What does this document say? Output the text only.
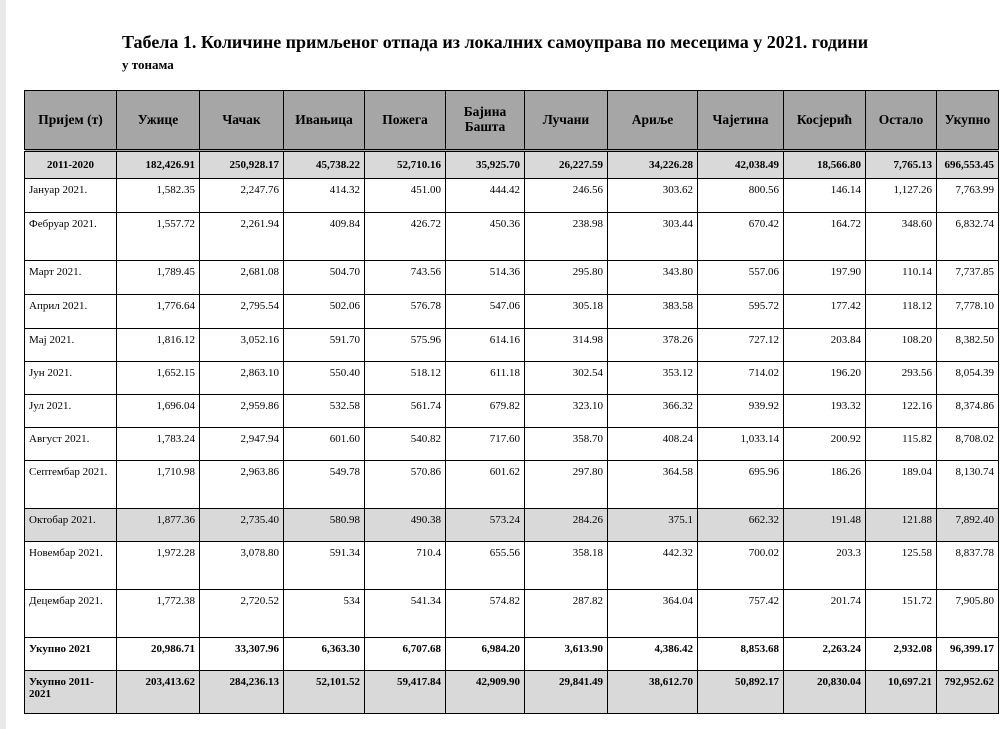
Табела 1. Количине примљеног отпада из локалних самоуправа по месецима у 2021. години
у тонама
Пријем (т)	Ужице	Чачак	Ивањица	Пожега	Бајина Башта	Лучани	Ариље	Чајетина	Косјерић	Остало	Укупно
2011-2020	182,426.91	250,928.17	45,738.22	52,710.16	35,925.70	26,227.59	34,226.28	42,038.49	18,566.80	7,765.13	696,553.45
Јануар 2021.	1,582.35	2,247.76	414.32	451.00	444.42	246.56	303.62	800.56	146.14	1,127.26	7,763.99
Фебруар 2021.	1,557.72	2,261.94	409.84	426.72	450.36	238.98	303.44	670.42	164.72	348.60	6,832.74
Март 2021.	1,789.45	2,681.08	504.70	743.56	514.36	295.80	343.80	557.06	197.90	110.14	7,737.85
Април 2021.	1,776.64	2,795.54	502.06	576.78	547.06	305.18	383.58	595.72	177.42	118.12	7,778.10
Мај 2021.	1,816.12	3,052.16	591.70	575.96	614.16	314.98	378.26	727.12	203.84	108.20	8,382.50
Јун 2021.	1,652.15	2,863.10	550.40	518.12	611.18	302.54	353.12	714.02	196.20	293.56	8,054.39
Јул 2021.	1,696.04	2,959.86	532.58	561.74	679.82	323.10	366.32	939.92	193.32	122.16	8,374.86
Август 2021.	1,783.24	2,947.94	601.60	540.82	717.60	358.70	408.24	1,033.14	200.92	115.82	8,708.02
Септембар 2021.	1,710.98	2,963.86	549.78	570.86	601.62	297.80	364.58	695.96	186.26	189.04	8,130.74
Октобар 2021.	1,877.36	2,735.40	580.98	490.38	573.24	284.26	375.1	662.32	191.48	121.88	7,892.40
Новембар 2021.	1,972.28	3,078.80	591.34	710.4	655.56	358.18	442.32	700.02	203.3	125.58	8,837.78
Децембар 2021.	1,772.38	2,720.52	534	541.34	574.82	287.82	364.04	757.42	201.74	151.72	7,905.80
Укупно 2021	20,986.71	33,307.96	6,363.30	6,707.68	6,984.20	3,613.90	4,386.42	8,853.68	2,263.24	2,932.08	96,399.17
Укупно 2011-2021	203,413.62	284,236.13	52,101.52	59,417.84	42,909.90	29,841.49	38,612.70	50,892.17	20,830.04	10,697.21	792,952.62
